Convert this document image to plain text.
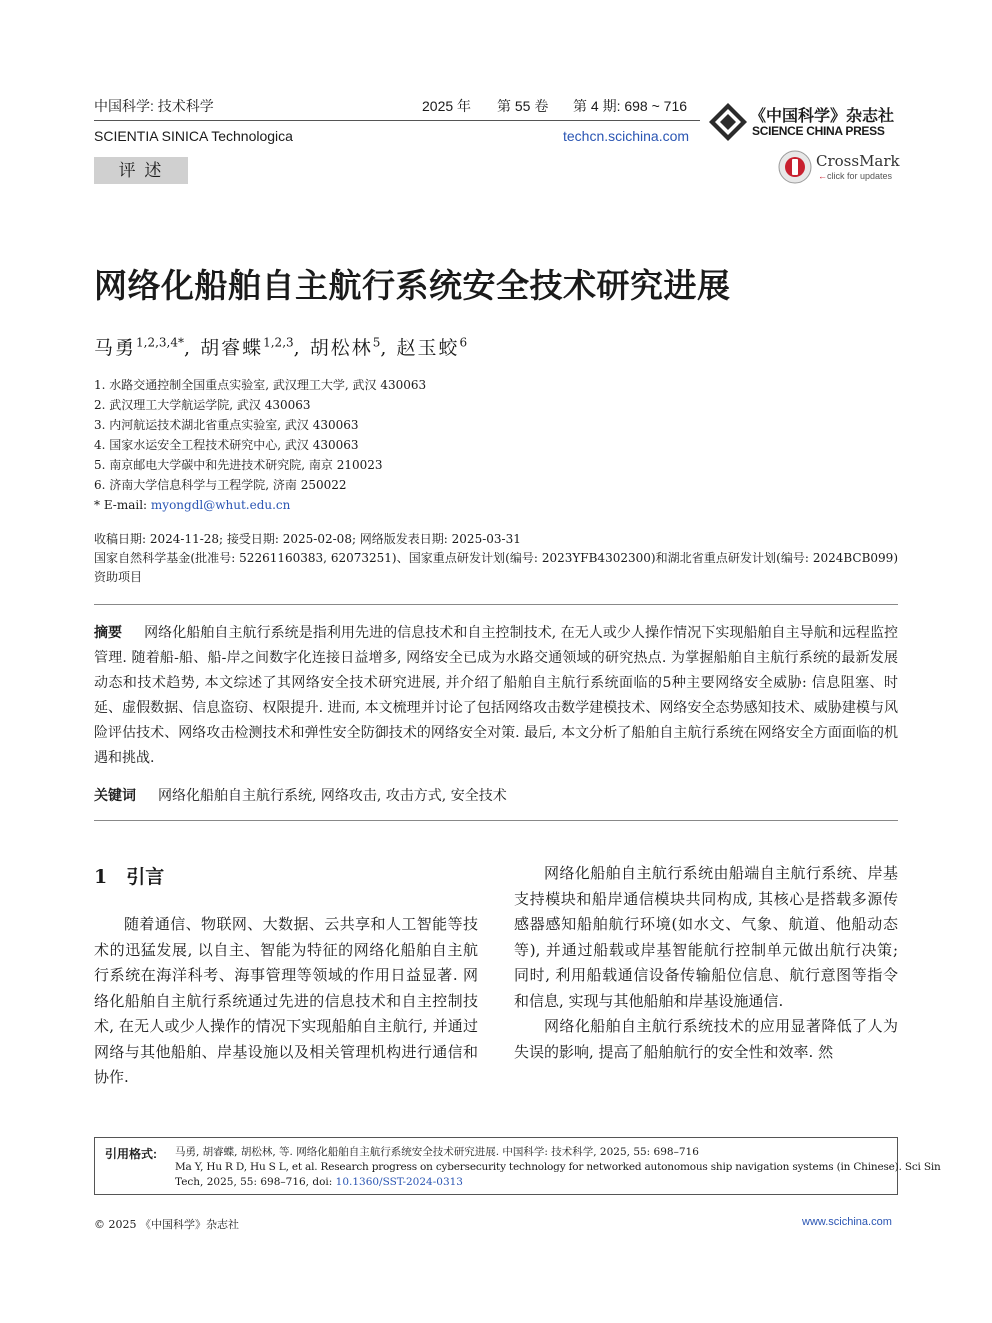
中国科学: 技术科学	2025 年 第 55 卷 第 4 期: 698 ~ 716
SCIENTIA SINICA Technologica	techcn.scichina.com
《中国科学》杂志社
SCIENCE CHINA PRESS
CrossMark
←click for updates
评 述
网络化船舶自主航行系统安全技术研究进展
马勇$^{1,2,3,4*}$, 胡睿蝶$^{1,2,3}$, 胡松林$^5$, 赵玉蛟$^6$
1. 水路交通控制全国重点实验室, 武汉理工大学, 武汉 430063
2. 武汉理工大学航运学院, 武汉 430063
3. 内河航运技术湖北省重点实验室, 武汉 430063
4. 国家水运安全工程技术研究中心, 武汉 430063
5. 南京邮电大学碳中和先进技术研究院, 南京 210023
6. 济南大学信息科学与工程学院, 济南 250022
* E-mail: myongdl@whut.edu.cn
收稿日期: 2024-11-28; 接受日期: 2025-02-08; 网络版发表日期: 2025-03-31
国家自然科学基金(批准号: 52261160383, 62073251)、国家重点研发计划(编号: 2023YFB4302300)和湖北省重点研发计划(编号: 2024BCB099)资助项目
摘要 网络化船舶自主航行系统是指利用先进的信息技术和自主控制技术, 在无人或少人操作情况下实现船舶自主导航和远程监控管理. 随着船-船、船-岸之间数字化连接日益增多, 网络安全已成为水路交通领域的研究热点. 为掌握船舶自主航行系统的最新发展动态和技术趋势, 本文综述了其网络安全技术研究进展, 并介绍了船舶自主航行系统面临的5种主要网络安全威胁: 信息阻塞、时延、虚假数据、信息盗窃、权限提升. 进而, 本文梳理并讨论了包括网络攻击数学建模技术、网络安全态势感知技术、威胁建模与风险评估技术、网络攻击检测技术和弹性安全防御技术的网络安全对策. 最后, 本文分析了船舶自主航行系统在网络安全方面面临的机遇和挑战.
关键词 网络化船舶自主航行系统, 网络攻击, 攻击方式, 安全技术
1　引言

随着通信、物联网、大数据、云共享和人工智能等技术的迅猛发展, 以自主、智能为特征的网络化船舶自主航行系统在海洋科考、海事管理等领域的作用日益显著. 网络化船舶自主航行系统通过先进的信息技术和自主控制技术, 在无人或少人操作的情况下实现船舶自主航行, 并通过网络与其他船舶、岸基设施以及相关管理机构进行通信和协作.

网络化船舶自主航行系统由船端自主航行系统、岸基支持模块和船岸通信模块共同构成, 其核心是搭载多源传感器感知船舶航行环境(如水文、气象、航道、他船动态等), 并通过船载或岸基智能航行控制单元做出航行决策; 同时, 利用船载通信设备传输船位信息、航行意图等指令和信息, 实现与其他船舶和岸基设施通信.

网络化船舶自主航行系统技术的应用显著降低了人为失误的影响, 提高了船舶航行的安全性和效率. 然

引用格式: 马勇, 胡睿蝶, 胡松林, 等. 网络化船舶自主航行系统安全技术研究进展. 中国科学: 技术科学, 2025, 55: 698–716
Ma Y, Hu R D, Hu S L, et al. Research progress on cybersecurity technology for networked autonomous ship navigation systems (in Chinese). Sci Sin
Tech, 2025, 55: 698–716, doi: 10.1360/SST-2024-0313
© 2025 《中国科学》杂志社	www.scichina.com
